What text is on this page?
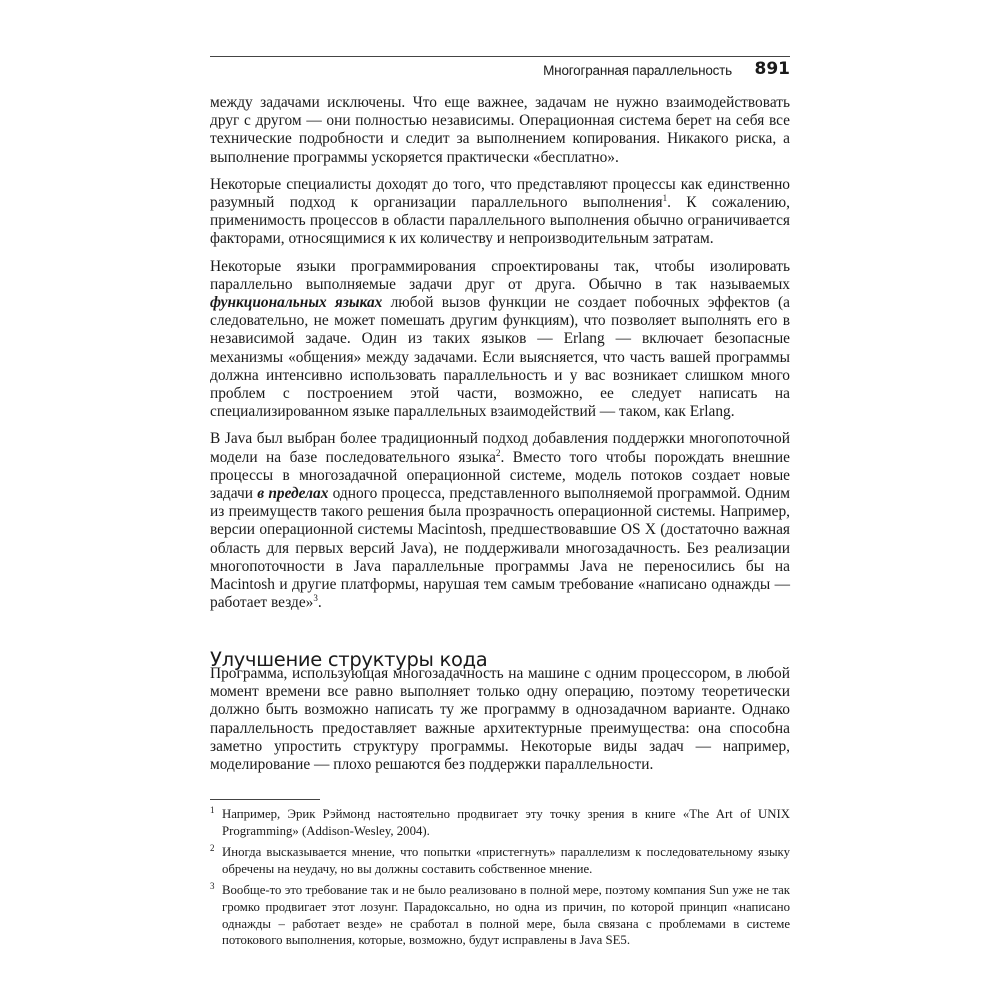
Многогранная параллельность 891

между задачами исключены. Что еще важнее, задачам не нужно взаимодействовать друг с другом — они полностью независимы. Операционная система берет на себя все технические подробности и следит за выполнением копирования. Никакого риска, а выполнение программы ускоряется практически «бесплатно».

Некоторые специалисты доходят до того, что представляют процессы как единственно разумный подход к организации параллельного выполнения$^1$. К сожалению, применимость процессов в области параллельного выполнения обычно ограничивается факторами, относящимися к их количеству и непроизводительным затратам.

Некоторые языки программирования спроектированы так, чтобы изолировать параллельно выполняемые задачи друг от друга. Обычно в так называемых функциональных языках любой вызов функции не создает побочных эффектов (а следовательно, не может помешать другим функциям), что позволяет выполнять его в независимой задаче. Один из таких языков — Erlang — включает безопасные механизмы «общения» между задачами. Если выясняется, что часть вашей программы должна интенсивно использовать параллельность и у вас возникает слишком много проблем с построением этой части, возможно, ее следует написать на специализированном языке параллельных взаимодействий — таком, как Erlang.

В Java был выбран более традиционный подход добавления поддержки многопоточной модели на базе последовательного языка$^2$. Вместо того чтобы порождать внешние процессы в многозадачной операционной системе, модель потоков создает новые задачи в пределах одного процесса, представленного выполняемой программой. Одним из преимуществ такого решения была прозрачность операционной системы. Например, версии операционной системы Macintosh, предшествовавшие OS X (достаточно важная область для первых версий Java), не поддерживали многозадачность. Без реализации многопоточности в Java параллельные программы Java не переносились бы на Macintosh и другие платформы, нарушая тем самым требование «написано однажды — работает везде»$^3$.

Улучшение структуры кода

Программа, использующая многозадачность на машине с одним процессором, в любой момент времени все равно выполняет только одну операцию, поэтому теоретически должно быть возможно написать ту же программу в однозадачном варианте. Однако параллельность предоставляет важные архитектурные преимущества: она способна заметно упростить структуру программы. Некоторые виды задач — например, моделирование — плохо решаются без поддержки параллельности.

1 Например, Эрик Рэймонд настоятельно продвигает эту точку зрения в книге «The Art of UNIX Programming» (Addison-Wesley, 2004).
2 Иногда высказывается мнение, что попытки «пристегнуть» параллелизм к последовательному языку обречены на неудачу, но вы должны составить собственное мнение.
3 Вообще-то это требование так и не было реализовано в полной мере, поэтому компания Sun уже не так громко продвигает этот лозунг. Парадоксально, но одна из причин, по которой принцип «написано однажды – работает везде» не сработал в полной мере, была связана с проблемами в системе потокового выполнения, которые, возможно, будут исправлены в Java SE5.
